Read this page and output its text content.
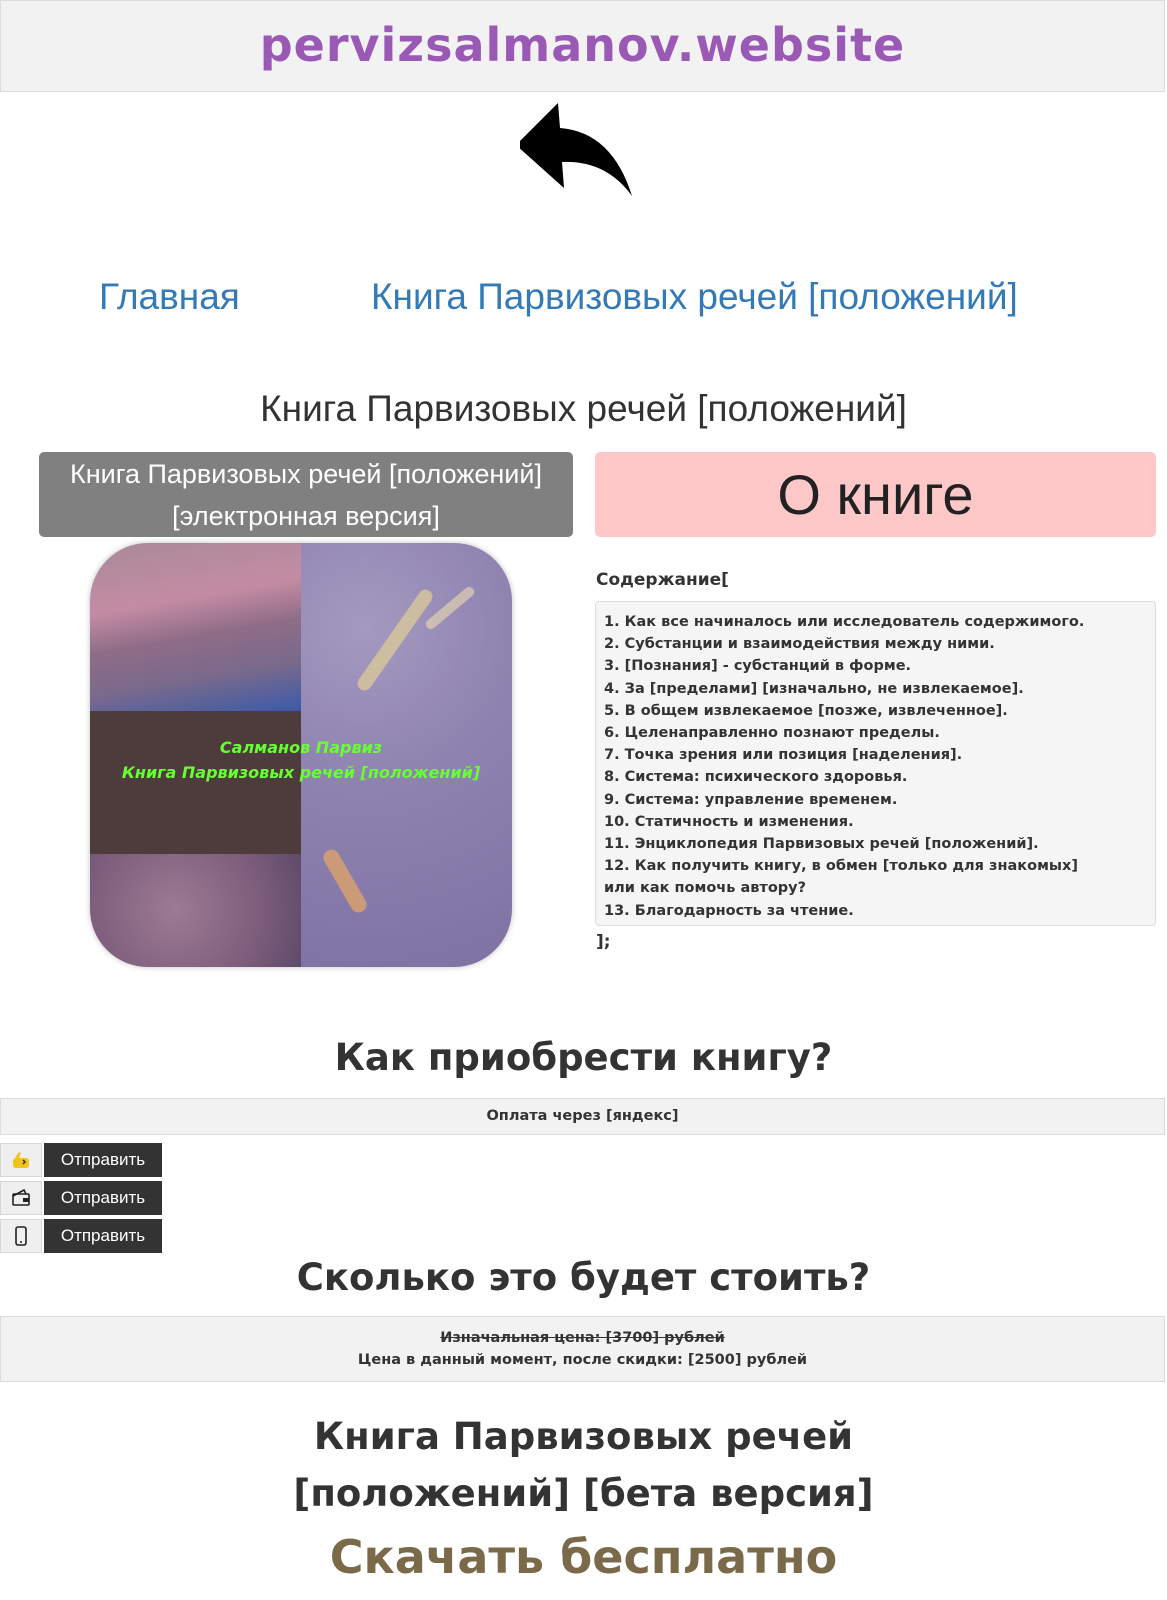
pervizsalmanov.website
Главная	Книга Парвизовых речей [положений]
Книга Парвизовых речей [положений]
Книга Парвизовых речей [положений]
[электронная версия]	О книге
Салманов Парвиз
Книга Парвизовых речей [положений]
Содержание[
1. Как все начиналось или исследователь содержимого.
2. Субстанции и взаимодействия между ними.
3. [Познания] - субстанций в форме.
4. За [пределами] [изначально, не извлекаемое].
5. В общем извлекаемое [позже, извлеченное].
6. Целенаправленно познают пределы.
7. Точка зрения или позиция [наделения].
8. Система: психического здоровья.
9. Система: управление временем.
10. Статичность и изменения.
11. Энциклопедия Парвизовых речей [положений].
12. Как получить книгу, в обмен [только для знакомых]
или как помочь автору?
13. Благодарность за чтение.
];
Как приобрести книгу?
Оплата через [яндекс]
Отправить
Отправить
Отправить
Сколько это будет стоить?
Изначальная цена: [3700] рублей
Цена в данный момент, после скидки: [2500] рублей
Книга Парвизовых речей
[положений] [бета версия]
Скачать бесплатно
